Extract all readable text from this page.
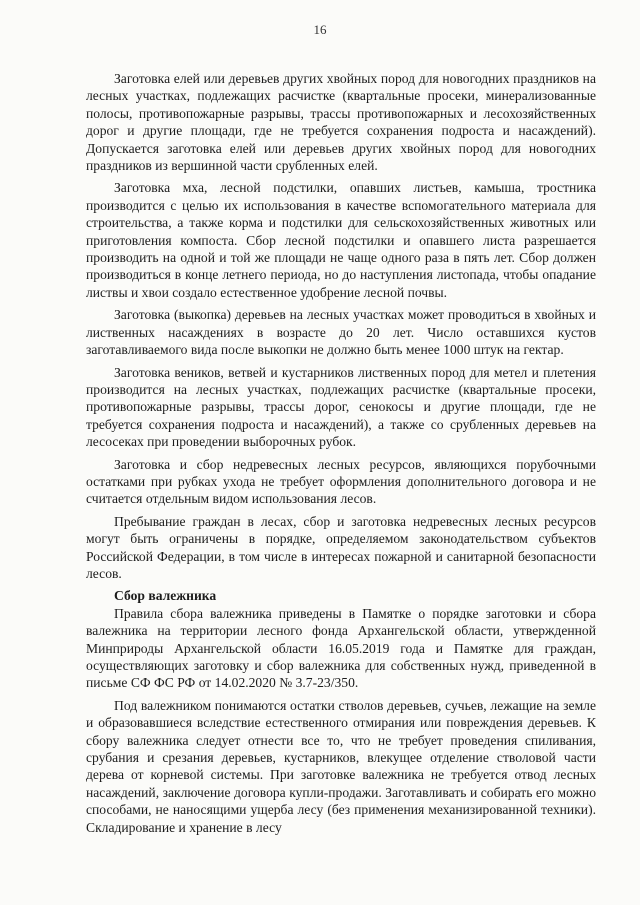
16

Заготовка елей или деревьев других хвойных пород для новогодних праздников на лесных участках, подлежащих расчистке (квартальные просеки, минерализованные полосы, противопожарные разрывы, трассы противопожарных и лесохозяйственных дорог и другие площади, где не требуется сохранения подроста и насаждений). Допускается заготовка елей или деревьев других хвойных пород для новогодних праздников из вершинной части срубленных елей.

Заготовка мха, лесной подстилки, опавших листьев, камыша, тростника производится с целью их использования в качестве вспомогательного материала для строительства, а также корма и подстилки для сельскохозяйственных животных или приготовления компоста. Сбор лесной подстилки и опавшего листа разрешается производить на одной и той же площади не чаще одного раза в пять лет. Сбор должен производиться в конце летнего периода, но до наступления листопада, чтобы опадание листвы и хвои создало естественное удобрение лесной почвы.

Заготовка (выкопка) деревьев на лесных участках может проводиться в хвойных и лиственных насаждениях в возрасте до 20 лет. Число оставшихся кустов заготавливаемого вида после выкопки не должно быть менее 1000 штук на гектар.

Заготовка веников, ветвей и кустарников лиственных пород для метел и плетения производится на лесных участках, подлежащих расчистке (квартальные просеки, противопожарные разрывы, трассы дорог, сенокосы и другие площади, где не требуется сохранения подроста и насаждений), а также со срубленных деревьев на лесосеках при проведении выборочных рубок.

Заготовка и сбор недревесных лесных ресурсов, являющихся порубочными остатками при рубках ухода не требует оформления дополнительного договора и не считается отдельным видом использования лесов.

Пребывание граждан в лесах, сбор и заготовка недревесных лесных ресурсов могут быть ограничены в порядке, определяемом законодательством субъектов Российской Федерации, в том числе в интересах пожарной и санитарной безопасности лесов.

Сбор валежника

Правила сбора валежника приведены в Памятке о порядке заготовки и сбора валежника на территории лесного фонда Архангельской области, утвержденной Минприроды Архангельской области 16.05.2019 года и Памятке для граждан, осуществляющих заготовку и сбор валежника для собственных нужд, приведенной в письме СФ ФС РФ от 14.02.2020 № 3.7-23/350.

Под валежником понимаются остатки стволов деревьев, сучьев, лежащие на земле и образовавшиеся вследствие естественного отмирания или повреждения деревьев. К сбору валежника следует отнести все то, что не требует проведения спиливания, срубания и срезания деревьев, кустарников, влекущее отделение стволовой части дерева от корневой системы. При заготовке валежника не требуется отвод лесных насаждений, заключение договора купли-продажи. Заготавливать и собирать его можно способами, не наносящими ущерба лесу (без применения механизированной техники). Складирование и хранение в лесу
